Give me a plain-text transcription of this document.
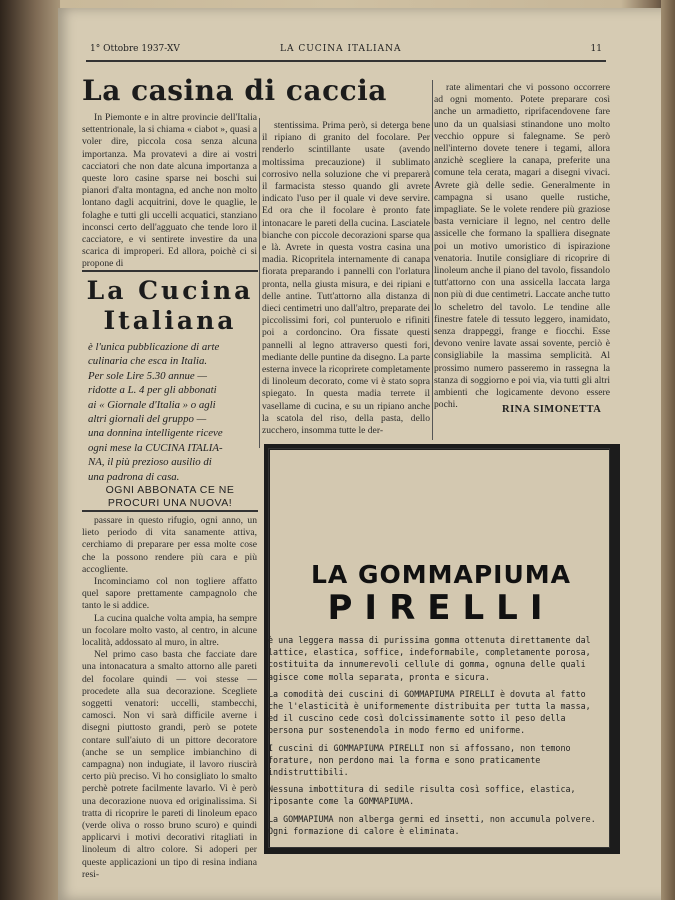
1° Ottobre 1937-XV	LA CUCINA ITALIANA	11
La casina di caccia

In Piemonte e in altre provincie dell'Italia settentrionale, la si chiama « ciabot », quasi a voler dire, piccola cosa senza alcuna importanza. Ma provatevi a dire ai vostri cacciatori che non date alcuna importanza a queste loro casine sparse nei boschi sui pianori d'alta montagna, ed anche non molto lontano dagli acquitrini, dove le quaglie, le folaghe e tutti gli uccelli acquatici, stanziano inconsci certo dell'agguato che tende loro il cacciatore, e vi sentirete investire da una scarica di improperi. Ed allora, poichè ci si propone di

La Cucina
Italiana
è l'unica pubblicazione di arte
culinaria che esca in Italia.
Per sole Lire 5.30 annue —
ridotte a L. 4 per gli abbonati
ai « Giornale d'Italia » o agli
altri giornali del gruppo —
una donnina intelligente riceve
ogni mese la CUCINA ITALIA-
NA, il più prezioso ausilio di
una padrona di casa.
OGNI ABBONATA CE NE
PROCURI UNA NUOVA!

passare in questo rifugio, ogni anno, un lieto periodo di vita sanamente attiva, cerchiamo di preparare per essa molte cose che la possono rendere più cara e più accogliente.

Incominciamo col non togliere affatto quel sapore prettamente campagnolo che tanto le si addice.

La cucina qualche volta ampia, ha sempre un focolare molto vasto, al centro, in alcune località, addossato al muro, in altre.

Nel primo caso basta che facciate dare una intonacatura a smalto attorno alle pareti del focolare quindi — voi stesse — procedete alla sua decorazione. Scegliete soggetti venatori: uccelli, stambecchi, camosci. Non vi sarà difficile averne i disegni piuttosto grandi, però se potete contare sull'aiuto di un pittore decoratore (anche se un semplice imbianchino di campagna) non indugiate, il lavoro riuscirà certo più preciso. Vi ho consigliato lo smalto perchè potrete facilmente lavarlo. Vi è però una decorazione nuova ed originalissima. Si tratta di ricoprire le pareti di linoleum epaco (verde oliva o rosso bruno scuro) e quindi applicarvi i motivi decorativi ritagliati in linoleum di altro colore. Si adoperi per queste applicazioni un tipo di resina indiana resi-

stentissima. Prima però, si deterga bene il ripiano di granito del focolare. Per renderlo scintillante usate (avendo moltissima precauzione) il sublimato corrosivo nella soluzione che vi preparerà il farmacista stesso quando gli avrete indicato l'uso per il quale vi deve servire. Ed ora che il focolare è pronto fate intonacare le pareti della cucina. Lasciatele bianche con piccole decorazioni sparse qua e là. Avrete in questa vostra casina una madia. Ricopritela internamente di canapa fiorata preparando i pannelli con l'orlatura pronta, nella giusta misura, e dei ripiani e delle antine. Tutt'attorno alla distanza di dieci centimetri uno dall'altro, preparate dei piccolissimi fori, col punteruolo e rifiniti poi a cordoncino. Ora fissate questi pannelli al legno attraverso questi fori, mediante delle puntine da disegno. La parte esterna invece la ricoprirete completamente di linoleum decorato, come vi è stato sopra spiegato. In questa madia terrete il vasellame di cucina, e su un ripiano anche la scatola del riso, della pasta, dello zucchero, insomma tutte le der-

rate alimentari che vi possono occorrere ad ogni momento. Potete preparare così anche un armadietto, riprifacendovene fare uno da un qualsiasi stinandone uno molto vecchio oppure si falegname. Se però nell'interno dovete tenere i tegami, allora anzichè scegliere la canapa, preferite una comune tela cerata, magari a disegni vivaci. Avrete già delle sedie. Generalmente in campagna si usano quelle rustiche, impagliate. Se le volete rendere più graziose basta verniciare il legno, nel centro delle assicelle che formano la spalliera disegnate poi un motivo umoristico di ispirazione venatoria. Inutile consigliare di ricoprire di linoleum anche il piano del tavolo, fissandolo tutt'attorno con una assicella laccata larga non più di due centimetri. Laccate anche tutto lo scheletro del tavolo. Le tendine alle finestre fatele di tessuto leggero, inamidato, senza drappeggi, frange e fiocchi. Esse devono venire lavate assai sovente, perciò è consigliabile la massima semplicità. Al prossimo numero passeremo in rassegna la stanza di soggiorno e poi via, via tutti gli altri ambienti che logicamente devono essere pochi.	RINA SIMONETTA
LA GOMMAPIUMA
PIRELLI

è una leggera massa di purissima gomma ottenuta direttamente dal lattice, elastica, soffice, indeformabile, completamente porosa, costituita da innumerevoli cellule di gomma, ognuna delle quali agisce come molla separata, pronta e sicura.

La comodità dei cuscini di GOMMAPIUMA PIRELLI è dovuta al fatto che l'elasticità è uniformemente distribuita per tutta la massa, ed il cuscino cede così dolcissimamente sotto il peso della persona pur sostenendola in modo fermo ed uniforme.

I cuscini di GOMMAPIUMA PIRELLI non si affossano, non temono forature, non perdono mai la forma e sono praticamente indistruttibili.

Nessuna imbottitura di sedile risulta così soffice, elastica, riposante come la GOMMAPIUMA.

La GOMMAPIUMA non alberga germi ed insetti, non accumula polvere. Ogni formazione di calore è eliminata.
